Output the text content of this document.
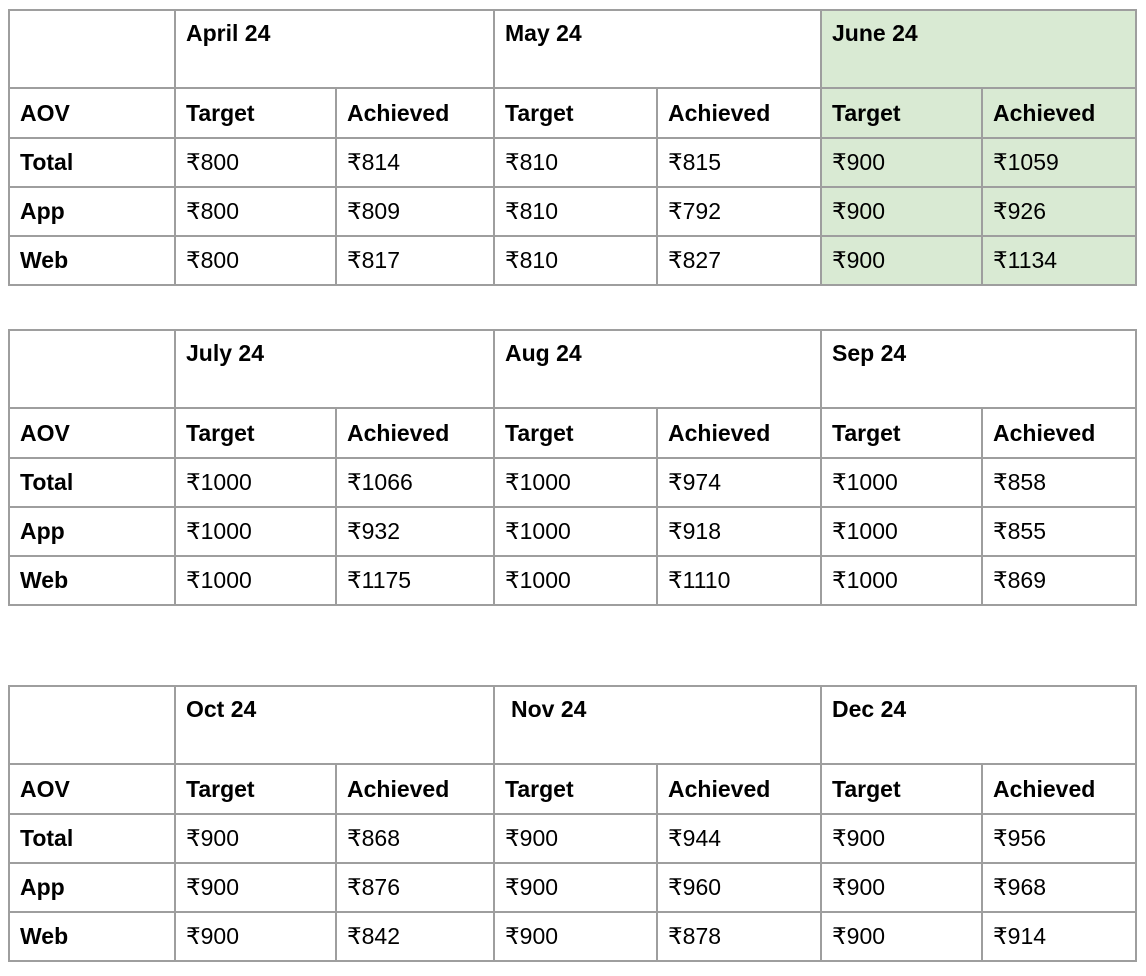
	April 24		May 24		June 24	
AOV	Target	Achieved	Target	Achieved	Target	Achieved
Total	₹800	₹814	₹810	₹815	₹900	₹1059
App	₹800	₹809	₹810	₹792	₹900	₹926
Web	₹800	₹817	₹810	₹827	₹900	₹1134
	July 24		Aug 24		Sep 24	
AOV	Target	Achieved	Target	Achieved	Target	Achieved
Total	₹1000	₹1066	₹1000	₹974	₹1000	₹858
App	₹1000	₹932	₹1000	₹918	₹1000	₹855
Web	₹1000	₹1175	₹1000	₹1110	₹1000	₹869
	Oct 24		Nov 24		Dec 24	
AOV	Target	Achieved	Target	Achieved	Target	Achieved
Total	₹900	₹868	₹900	₹944	₹900	₹956
App	₹900	₹876	₹900	₹960	₹900	₹968
Web	₹900	₹842	₹900	₹878	₹900	₹914
